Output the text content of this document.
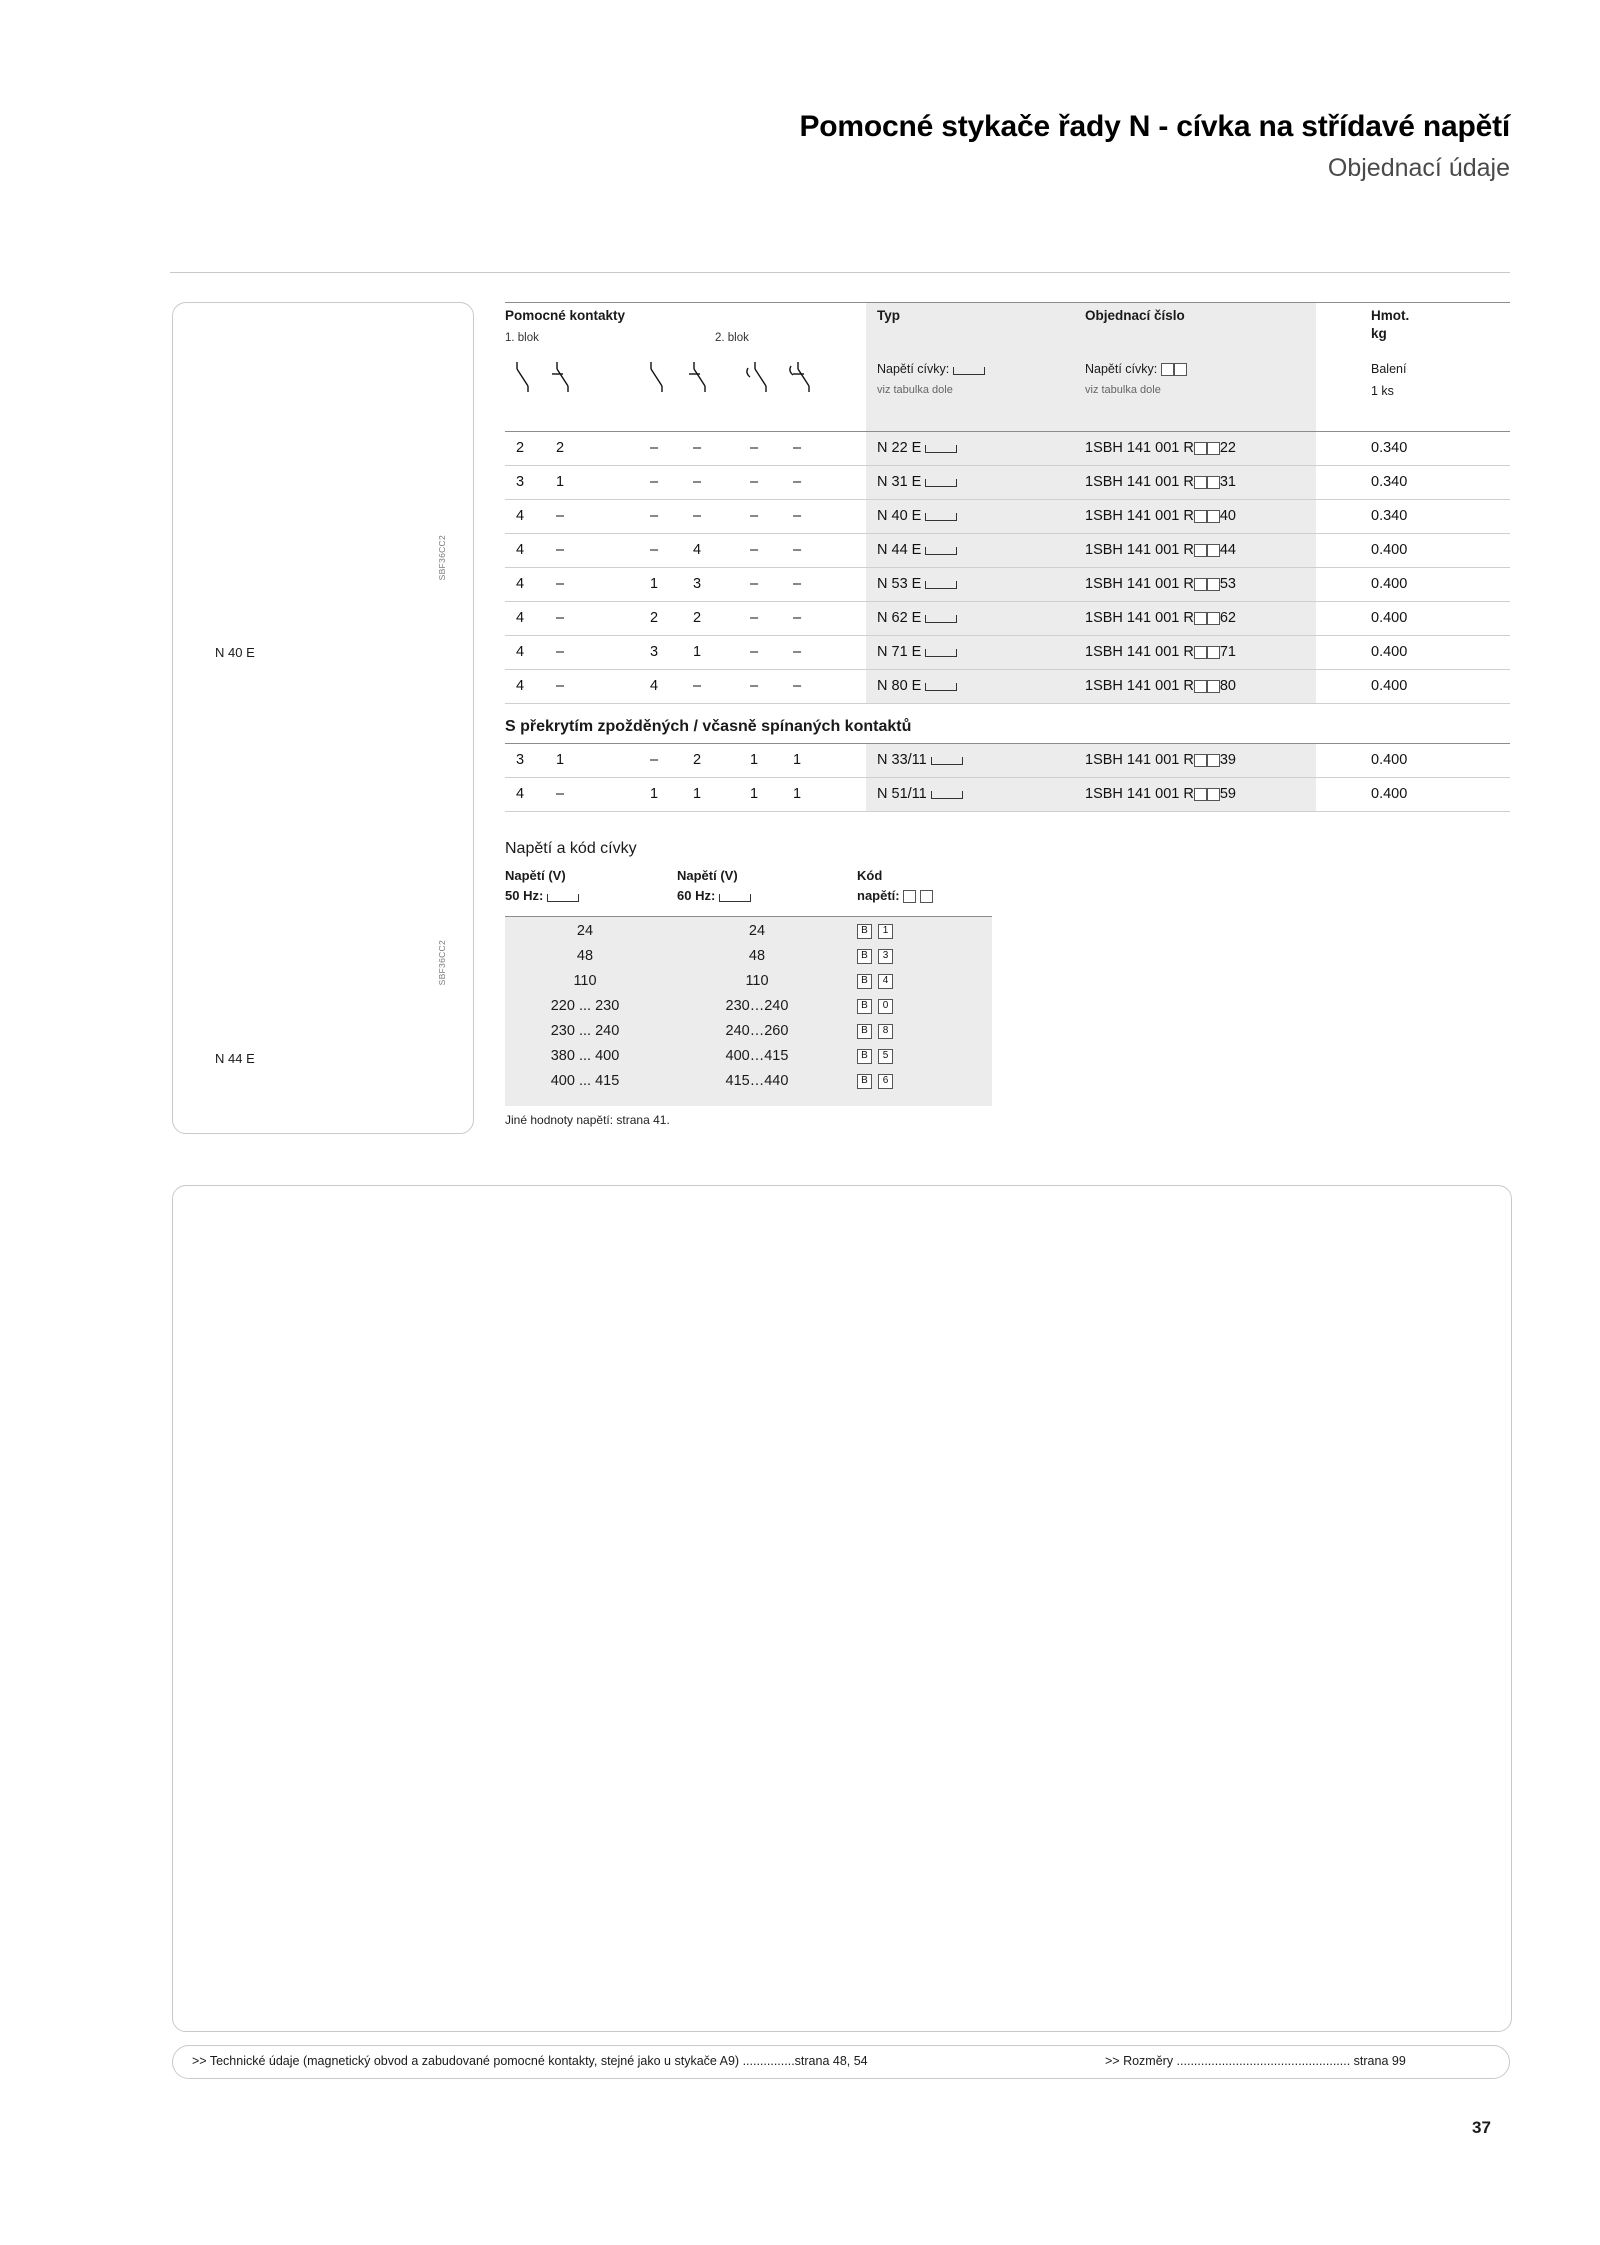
Pomocné stykače řady N - cívka na střídavé napětí
Objednací údaje
N 40 E
N 44 E
SBF36CC2
SBF36CC2
Pomocné kontakty
1. blok	2. blok
Typ	Objednací číslo	Hmot.
kg
Napětí cívky:
viz tabulka dole
Napětí cívky:
viz tabulka dole
Balení
1 ks
2	2	–	–	–	–	N 22 E	1SBH 141 001 R 22	0.340
3	1	–	–	–	–	N 31 E	1SBH 141 001 R 31	0.340
4	–	–	–	–	–	N 40 E	1SBH 141 001 R 40	0.340
4	–	–	4	–	–	N 44 E	1SBH 141 001 R 44	0.400
4	–	1	3	–	–	N 53 E	1SBH 141 001 R 53	0.400
4	–	2	2	–	–	N 62 E	1SBH 141 001 R 62	0.400
4	–	3	1	–	–	N 71 E	1SBH 141 001 R 71	0.400
4	–	4	–	–	–	N 80 E	1SBH 141 001 R 80	0.400
S překrytím zpožděných / včasně spínaných kontaktů
3	1	–	2	1	1	N 33/11	1SBH 141 001 R 39	0.400
4	–	1	1	1	1	N 51/11	1SBH 141 001 R 59	0.400
Napětí a kód cívky
Napětí (V)
50 Hz:
Napětí (V)
60 Hz:
Kód
napětí:
24	24	B 1
48	48	B 3
110	110	B 4
220 ... 230	230…240	B 0
230 ... 240	240…260	B 8
380 ... 400	400…415	B 5
400 ... 415	415…440	B 6
Jiné hodnoty napětí: strana 41.
>> Technické údaje (magnetický obvod a zabudované pomocné kontakty, stejné jako u stykače A9) ...............strana 48, 54	>> Rozměry .................................................. strana 99
37
